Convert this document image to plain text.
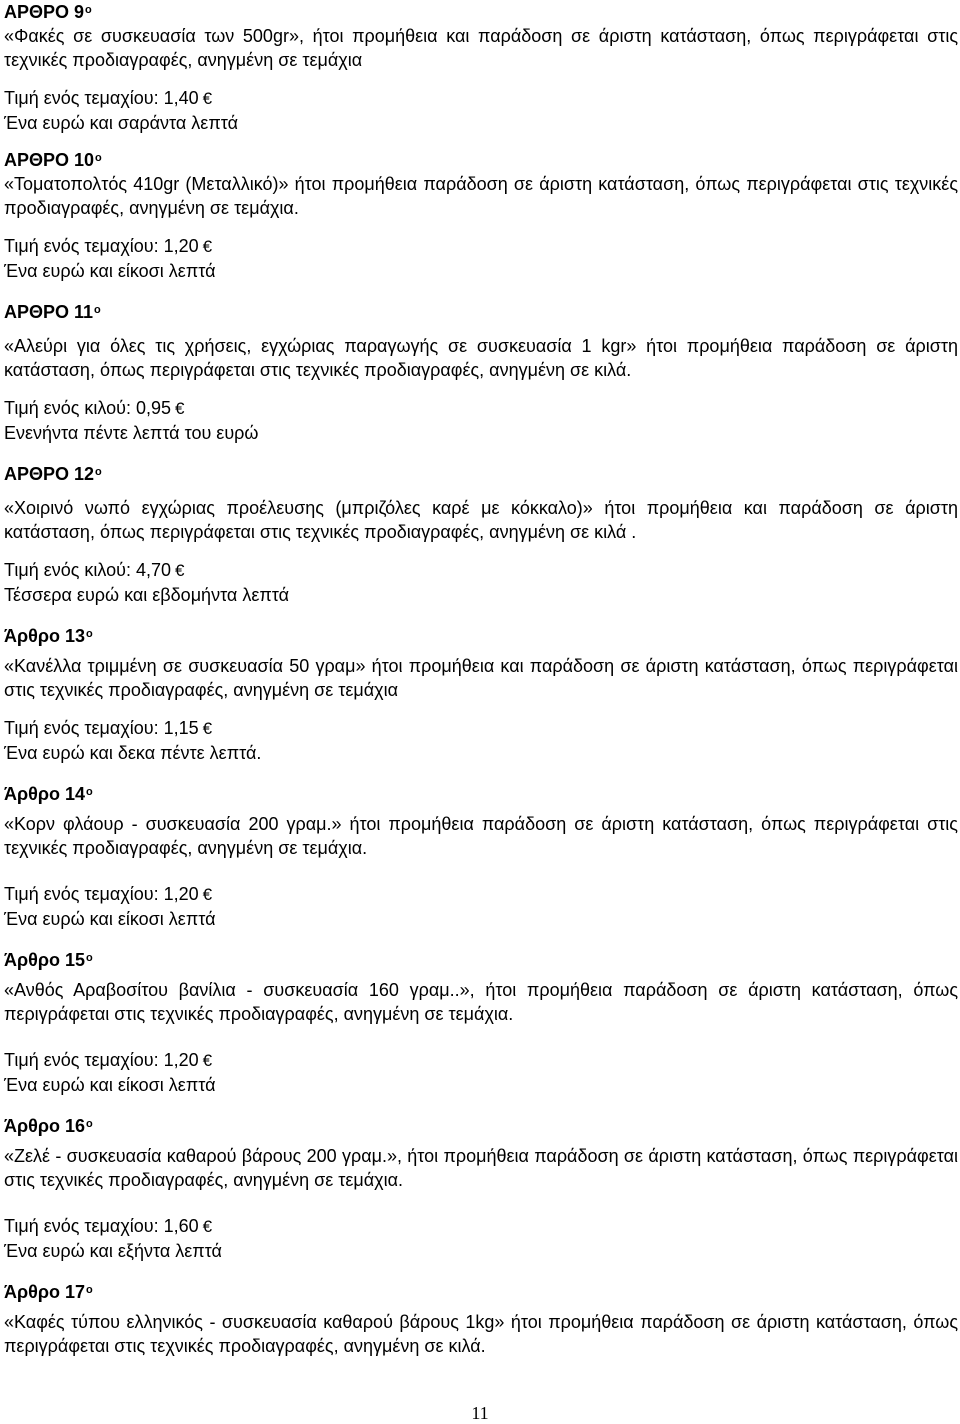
ΑΡΘΡΟ $9^o$
«Φακές σε συσκευασία των 500gr», ήτοι προμήθεια και παράδοση σε άριστη κατάσταση, όπως περιγράφεται στις τεχνικές προδιαγραφές, ανηγμένη σε τεμάχια
Τιμή ενός τεμαχίου: 1,40 €
Ένα ευρώ και σαράντα λεπτά
ΑΡΘΡΟ $10^o$
«Τοματοπολτός 410gr (Μεταλλικό)» ήτοι προμήθεια παράδοση σε άριστη κατάσταση, όπως περιγράφεται στις τεχνικές προδιαγραφές, ανηγμένη σε τεμάχια.
Τιμή ενός τεμαχίου: 1,20 €
Ένα ευρώ και είκοσι λεπτά
ΑΡΘΡΟ $11^o$
«Αλεύρι για όλες τις χρήσεις, εγχώριας παραγωγής σε συσκευασία 1 kgr» ήτοι προμήθεια παράδοση σε άριστη κατάσταση, όπως περιγράφεται στις τεχνικές προδιαγραφές, ανηγμένη σε κιλά.
Τιμή ενός κιλού: 0,95 €
Ενενήντα πέντε λεπτά του ευρώ
ΑΡΘΡΟ $12^o$
«Χοιρινό νωπό εγχώριας προέλευσης (μπριζόλες καρέ με κόκκαλο)» ήτοι προμήθεια και παράδοση σε άριστη κατάσταση, όπως περιγράφεται στις τεχνικές προδιαγραφές, ανηγμένη σε κιλά .
Τιμή ενός κιλού: 4,70 €
Τέσσερα ευρώ και εβδομήντα λεπτά
Άρθρο $13^o$
«Κανέλλα τριμμένη σε συσκευασία 50 γραμ» ήτοι προμήθεια και παράδοση σε άριστη κατάσταση, όπως περιγράφεται στις τεχνικές προδιαγραφές, ανηγμένη σε τεμάχια
Τιμή ενός τεμαχίου: 1,15 €
Ένα ευρώ και δεκα πέντε λεπτά.
Άρθρο $14^o$
«Κορν φλάουρ - συσκευασία 200 γραμ.» ήτοι προμήθεια παράδοση σε άριστη κατάσταση, όπως περιγράφεται στις τεχνικές προδιαγραφές, ανηγμένη σε τεμάχια.
Τιμή ενός τεμαχίου: 1,20 €
Ένα ευρώ και είκοσι λεπτά
Άρθρο $15^o$
«Ανθός Αραβοσίτου βανίλια - συσκευασία 160 γραμ..», ήτοι προμήθεια παράδοση σε άριστη κατάσταση, όπως περιγράφεται στις τεχνικές προδιαγραφές, ανηγμένη σε τεμάχια.
Τιμή ενός τεμαχίου: 1,20 €
Ένα ευρώ και είκοσι λεπτά
Άρθρο $16^o$
«Ζελέ - συσκευασία καθαρού βάρους 200 γραμ.», ήτοι προμήθεια παράδοση σε άριστη κατάσταση, όπως περιγράφεται στις τεχνικές προδιαγραφές, ανηγμένη σε τεμάχια.
Τιμή ενός τεμαχίου: 1,60 €
Ένα ευρώ και εξήντα λεπτά
Άρθρο $17^o$
«Καφές τύπου ελληνικός - συσκευασία καθαρού βάρους 1kg» ήτοι προμήθεια παράδοση σε άριστη κατάσταση, όπως περιγράφεται στις τεχνικές προδιαγραφές, ανηγμένη σε κιλά.
11
